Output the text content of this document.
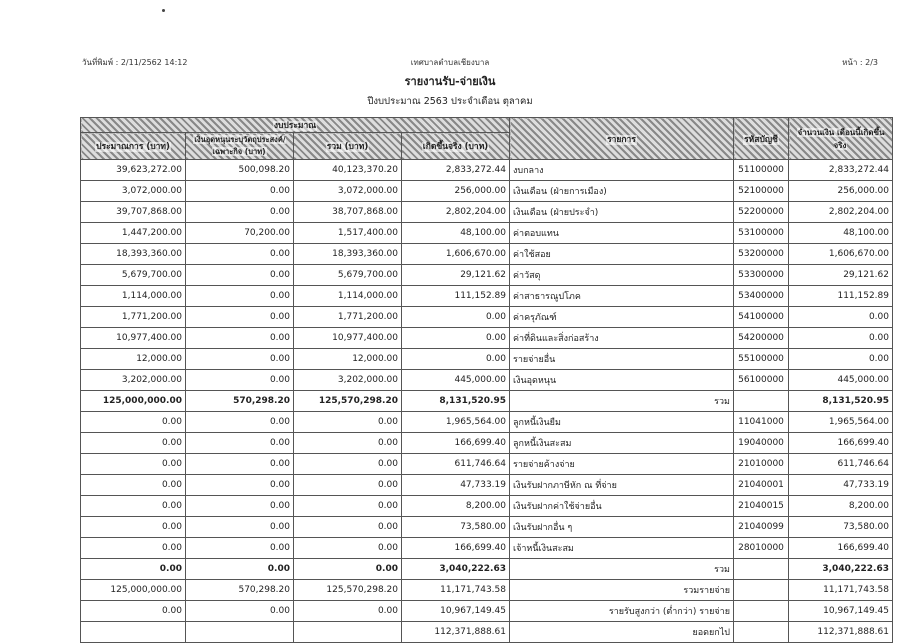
วันที่พิมพ์ : 2/11/2562 14:12	เทศบาลตำบลเชียงบาล	หน้า : 2/3
รายงานรับ-จ่ายเงิน
ปีงบประมาณ 2563 ประจำเดือน ตุลาคม
งบประมาณ				รายการ	รหัสบัญชี	จำนวนเงิน เดือนนี้เกิดขึ้นจริง
ประมาณการ (บาท)	เงินอุดหนุนระบุวัตถุประสงค์/เฉพาะกิจ (บาท)	รวม (บาท)	เกิดขึ้นจริง (บาท)			
39,623,272.00	500,098.20	40,123,370.20	2,833,272.44	งบกลาง	51100000	2,833,272.44
3,072,000.00	0.00	3,072,000.00	256,000.00	เงินเดือน (ฝ่ายการเมือง)	52100000	256,000.00
39,707,868.00	0.00	38,707,868.00	2,802,204.00	เงินเดือน (ฝ่ายประจำ)	52200000	2,802,204.00
1,447,200.00	70,200.00	1,517,400.00	48,100.00	ค่าตอบแทน	53100000	48,100.00
18,393,360.00	0.00	18,393,360.00	1,606,670.00	ค่าใช้สอย	53200000	1,606,670.00
5,679,700.00	0.00	5,679,700.00	29,121.62	ค่าวัสดุ	53300000	29,121.62
1,114,000.00	0.00	1,114,000.00	111,152.89	ค่าสาธารณูปโภค	53400000	111,152.89
1,771,200.00	0.00	1,771,200.00	0.00	ค่าครุภัณฑ์	54100000	0.00
10,977,400.00	0.00	10,977,400.00	0.00	ค่าที่ดินและสิ่งก่อสร้าง	54200000	0.00
12,000.00	0.00	12,000.00	0.00	รายจ่ายอื่น	55100000	0.00
3,202,000.00	0.00	3,202,000.00	445,000.00	เงินอุดหนุน	56100000	445,000.00
125,000,000.00	570,298.20	125,570,298.20	8,131,520.95	รวม		8,131,520.95
0.00	0.00	0.00	1,965,564.00	ลูกหนี้เงินยืม	11041000	1,965,564.00
0.00	0.00	0.00	166,699.40	ลูกหนี้เงินสะสม	19040000	166,699.40
0.00	0.00	0.00	611,746.64	รายจ่ายค้างจ่าย	21010000	611,746.64
0.00	0.00	0.00	47,733.19	เงินรับฝากภาษีหัก ณ ที่จ่าย	21040001	47,733.19
0.00	0.00	0.00	8,200.00	เงินรับฝากค่าใช้จ่ายอื่น	21040015	8,200.00
0.00	0.00	0.00	73,580.00	เงินรับฝากอื่น ๆ	21040099	73,580.00
0.00	0.00	0.00	166,699.40	เจ้าหนี้เงินสะสม	28010000	166,699.40
0.00	0.00	0.00	3,040,222.63	รวม		3,040,222.63
125,000,000.00	570,298.20	125,570,298.20	11,171,743.58	รวมรายจ่าย		11,171,743.58
0.00	0.00	0.00	10,967,149.45	รายรับสูงกว่า (ต่ำกว่า) รายจ่าย		10,967,149.45
			112,371,888.61	ยอดยกไป		112,371,888.61
